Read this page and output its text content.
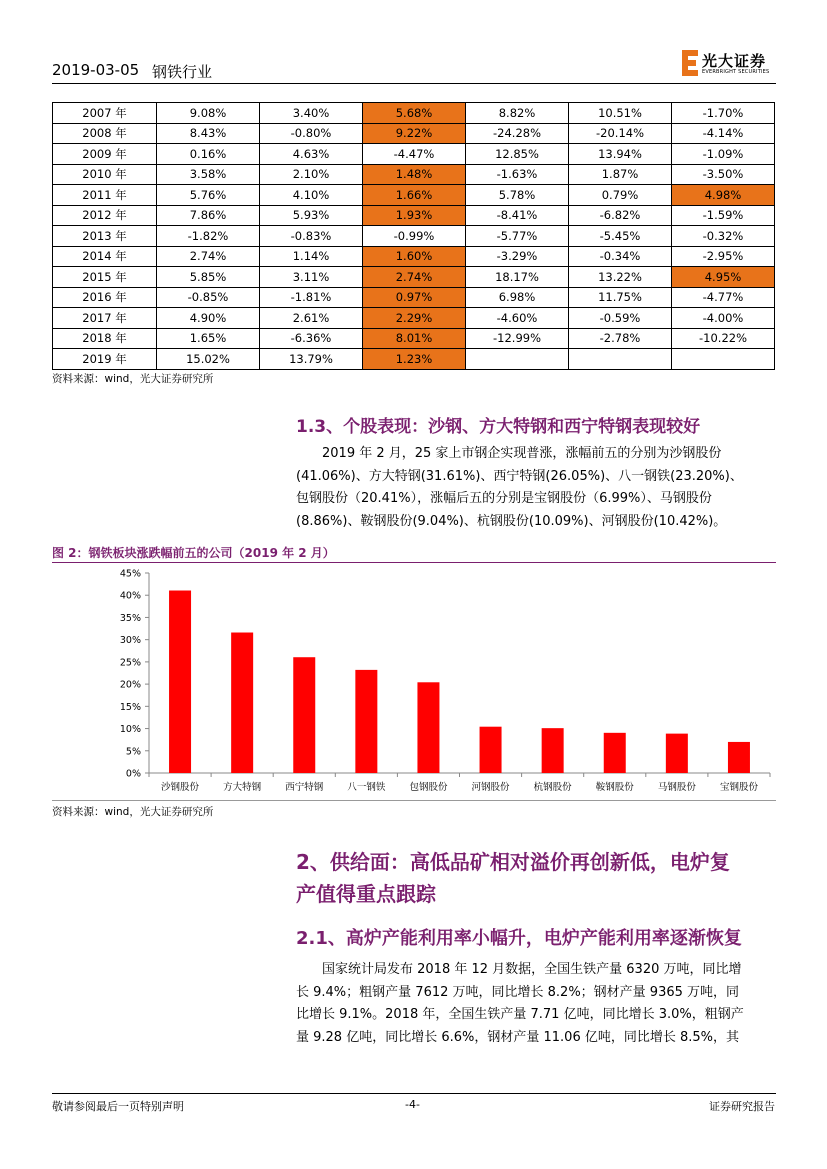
2019-03-05 钢铁行业
光大证券
EVERBRIGHT SECURITIES
2007 年	9.08%	3.40%	5.68%	8.82%	10.51%	-1.70%
2008 年	8.43%	-0.80%	9.22%	-24.28%	-20.14%	-4.14%
2009 年	0.16%	4.63%	-4.47%	12.85%	13.94%	-1.09%
2010 年	3.58%	2.10%	1.48%	-1.63%	1.87%	-3.50%
2011 年	5.76%	4.10%	1.66%	5.78%	0.79%	4.98%
2012 年	7.86%	5.93%	1.93%	-8.41%	-6.82%	-1.59%
2013 年	-1.82%	-0.83%	-0.99%	-5.77%	-5.45%	-0.32%
2014 年	2.74%	1.14%	1.60%	-3.29%	-0.34%	-2.95%
2015 年	5.85%	3.11%	2.74%	18.17%	13.22%	4.95%
2016 年	-0.85%	-1.81%	0.97%	6.98%	11.75%	-4.77%
2017 年	4.90%	2.61%	2.29%	-4.60%	-0.59%	-4.00%
2018 年	1.65%	-6.36%	8.01%	-12.99%	-2.78%	-10.22%
2019 年	15.02%	13.79%	1.23%			
资料来源：wind，光大证券研究所
1.3、个股表现：沙钢、方大特钢和西宁特钢表现较好
2019 年 2 月，25 家上市钢企实现普涨，涨幅前五的分别为沙钢股份
(41.06%)、方大特钢(31.61%)、西宁特钢(26.05%)、八一钢铁(23.20%)、
包钢股份（20.41%），涨幅后五的分别是宝钢股份（6.99%）、马钢股份
(8.86%)、鞍钢股份(9.04%)、杭钢股份(10.09%)、河钢股份(10.42%)。
图 2：钢铁板块涨跌幅前五的公司（2019 年 2 月）
0%
5%
10%
15%
20%
25%
30%
35%
40%
45%
沙钢股份	方大特钢	西宁特钢	八一钢铁	包钢股份	河钢股份	杭钢股份	鞍钢股份	马钢股份	宝钢股份
资料来源：wind，光大证券研究所
2、供给面：高低品矿相对溢价再创新低，电炉复
产值得重点跟踪
2.1、高炉产能利用率小幅升，电炉产能利用率逐渐恢复
国家统计局发布 2018 年 12 月数据，全国生铁产量 6320 万吨，同比增
长 9.4%；粗钢产量 7612 万吨，同比增长 8.2%；钢材产量 9365 万吨，同
比增长 9.1%。2018 年，全国生铁产量 7.71 亿吨，同比增长 3.0%，粗钢产
量 9.28 亿吨，同比增长 6.6%，钢材产量 11.06 亿吨，同比增长 8.5%，其
敬请参阅最后一页特别声明	-4-	证券研究报告
